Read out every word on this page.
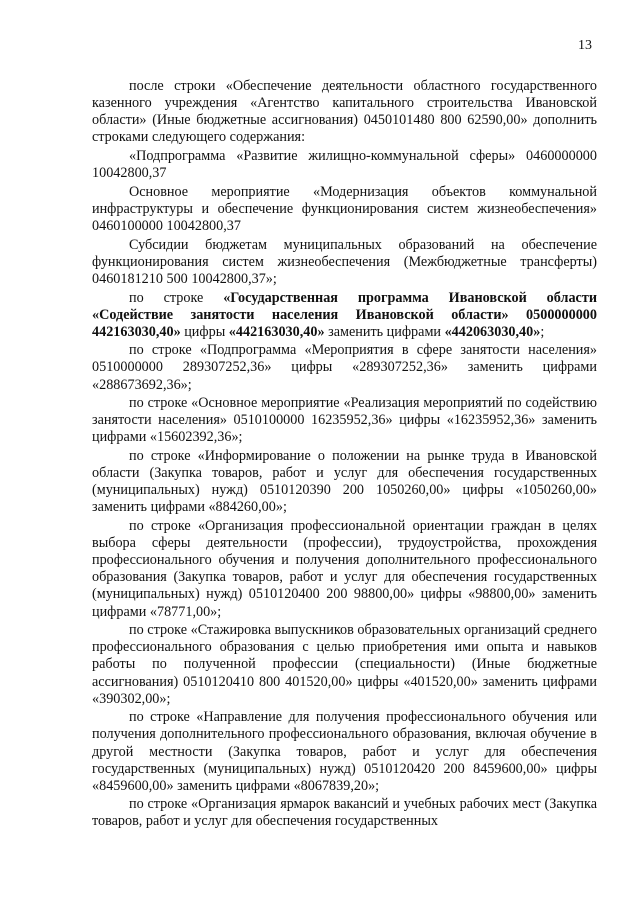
13

после строки «Обеспечение деятельности областного государственного казенного учреждения «Агентство капитального строительства Ивановской области» (Иные бюджетные ассигнования) 0450101480 800 62590,00» дополнить строками следующего содержания:

«Подпрограмма «Развитие жилищно-коммунальной сферы» 0460000000 10042800,37

Основное мероприятие «Модернизация объектов коммунальной инфраструктуры и обеспечение функционирования систем жизнеобеспечения» 0460100000 10042800,37

Субсидии бюджетам муниципальных образований на обеспечение функционирования систем жизнеобеспечения (Межбюджетные трансферты) 0460181210 500 10042800,37»;

по строке «Государственная программа Ивановской области «Содействие занятости населения Ивановской области» 0500000000 442163030,40» цифры «442163030,40» заменить цифрами «442063030,40»;

по строке «Подпрограмма «Мероприятия в сфере занятости населения» 0510000000 289307252,36» цифры «289307252,36» заменить цифрами «288673692,36»;

по строке «Основное мероприятие «Реализация мероприятий по содействию занятости населения» 0510100000 16235952,36» цифры «16235952,36» заменить цифрами «15602392,36»;

по строке «Информирование о положении на рынке труда в Ивановской области (Закупка товаров, работ и услуг для обеспечения государственных (муниципальных) нужд) 0510120390 200 1050260,00» цифры «1050260,00» заменить цифрами «884260,00»;

по строке «Организация профессиональной ориентации граждан в целях выбора сферы деятельности (профессии), трудоустройства, прохождения профессионального обучения и получения дополнительного профессионального образования (Закупка товаров, работ и услуг для обеспечения государственных (муниципальных) нужд) 0510120400 200 98800,00» цифры «98800,00» заменить цифрами «78771,00»;

по строке «Стажировка выпускников образовательных организаций среднего профессионального образования с целью приобретения ими опыта и навыков работы по полученной профессии (специальности) (Иные бюджетные ассигнования) 0510120410 800 401520,00» цифры «401520,00» заменить цифрами «390302,00»;

по строке «Направление для получения профессионального обучения или получения дополнительного профессионального образования, включая обучение в другой местности (Закупка товаров, работ и услуг для обеспечения государственных (муниципальных) нужд) 0510120420 200 8459600,00» цифры «8459600,00» заменить цифрами «8067839,20»;

по строке «Организация ярмарок вакансий и учебных рабочих мест (Закупка товаров, работ и услуг для обеспечения государственных
